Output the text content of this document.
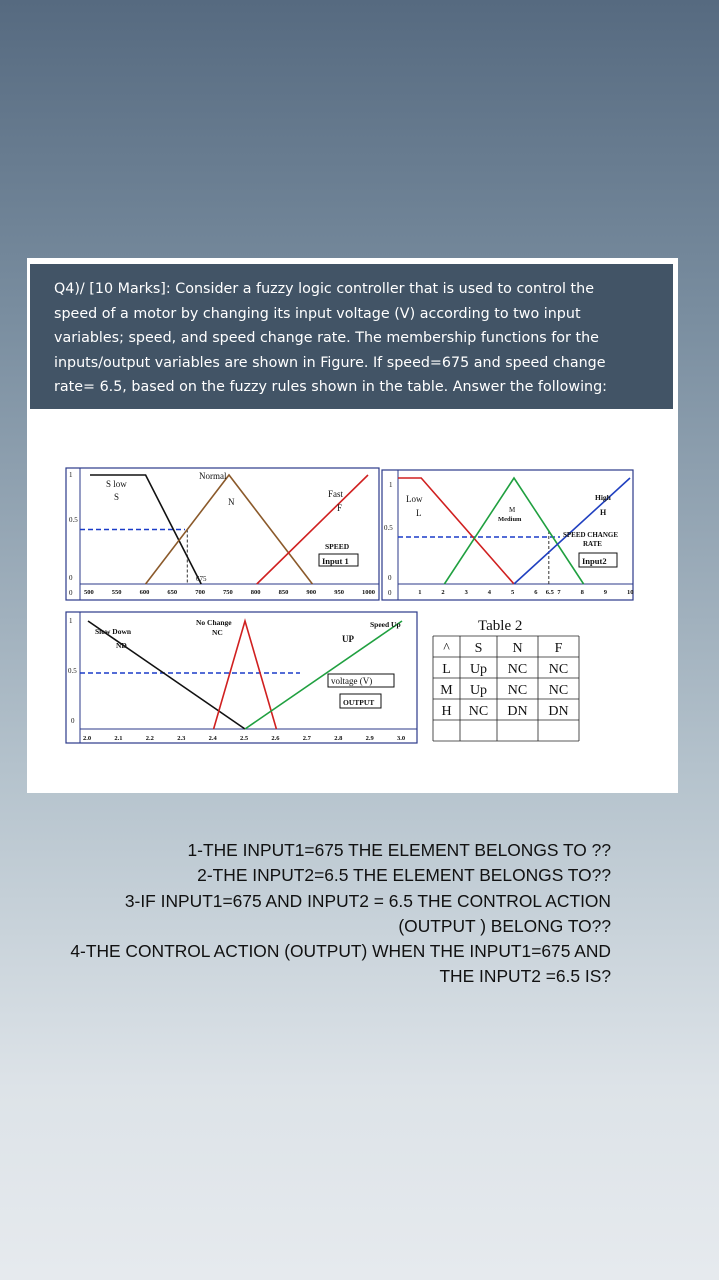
Q4)/ [10 Marks]: Consider a fuzzy logic controller that is used to control the
speed of a motor by changing its input voltage (V) according to two input
variables; speed, and speed change rate. The membership functions for the
inputs/output variables are shown in Figure. If speed=675 and speed change
rate= 6.5, based on the fuzzy rules shown in the table. Answer the following:
500	550	600	650	700	750	800	850	900	950	1000
1
0.5
0
0
S low
S
Normal
N
Fast
F
SPEED
Input 1
675
1	2	3	4	5	6 6.5 7	8	9	10
1
0.5
0
0
Low
L	M
Medium
High
H
SPEED CHANGE
RATE
Input2
2.0	2.1	2.2	2.3	2.4	2.5	2.6	2.7	2.8	2.9	3.0
1
0.5
0
Slow Down
ND
No Change
NC
Speed Up
UP
voltage (V)
OUTPUT
Table 2
^ S N F
L Up NC NC
M Up NC NC
H NC DN DN
1-THE INPUT1=675 THE ELEMENT BELONGS TO ??
2-THE INPUT2=6.5 THE ELEMENT BELONGS TO??
3-IF INPUT1=675 AND INPUT2 = 6.5 THE CONTROL ACTION
(OUTPUT ) BELONG TO??
4-THE CONTROL ACTION (OUTPUT) WHEN THE INPUT1=675 AND
THE INPUT2 =6.5 IS?
